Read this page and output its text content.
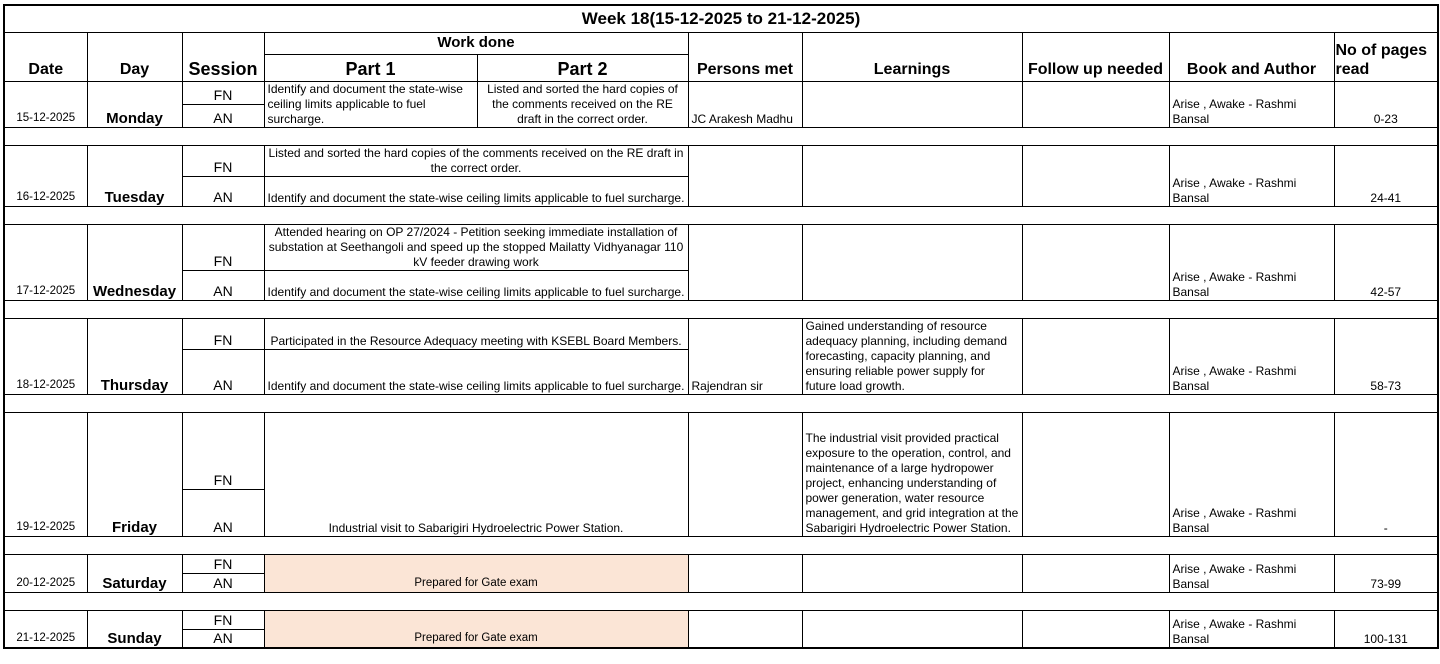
Week 18(15-12-2025 to 21-12-2025)									
Date	Day	Session	Work done		Persons met	Learnings	Follow up needed	Book and Author	No of pages read
			Part 1	Part 2					
15-12-2025	Monday	FN	Identify and document the state-wise ceiling limits applicable to fuel surcharge.	Listed and sorted the hard copies of the comments received on the RE draft in the correct order.	JC Arakesh Madhu			Arise , Awake - Rashmi Bansal	0-23
		AN							

16-12-2025	Tuesday	FN	Listed and sorted the hard copies of the comments received on the RE draft in the correct order.					Arise , Awake - Rashmi Bansal	24-41
		AN	Identify and document the state-wise ceiling limits applicable to fuel surcharge.						

17-12-2025	Wednesday	FN	Attended hearing on OP 27/2024 - Petition seeking immediate installation of substation at Seethangoli and speed up the stopped Mailatty Vidhyanagar 110 kV feeder drawing work					Arise , Awake - Rashmi Bansal	42-57
		AN	Identify and document the state-wise ceiling limits applicable to fuel surcharge.						

18-12-2025	Thursday	FN	Participated in the Resource Adequacy meeting with KSEBL Board Members.		Rajendran sir	Gained understanding of resource adequacy planning, including demand forecasting, capacity planning, and ensuring reliable power supply for future load growth.		Arise , Awake - Rashmi Bansal	58-73
		AN	Identify and document the state-wise ceiling limits applicable to fuel surcharge.						

19-12-2025	Friday	FN	Industrial visit to Sabarigiri Hydroelectric Power Station.			The industrial visit provided practical exposure to the operation, control, and maintenance of a large hydropower project, enhancing understanding of power generation, water resource management, and grid integration at the Sabarigiri Hydroelectric Power Station.		Arise , Awake - Rashmi Bansal	-
		AN							

20-12-2025	Saturday	FN	Prepared for Gate exam					Arise , Awake - Rashmi Bansal	73-99
		AN							

21-12-2025	Sunday	FN	Prepared for Gate exam					Arise , Awake - Rashmi Bansal	100-131
		AN							
